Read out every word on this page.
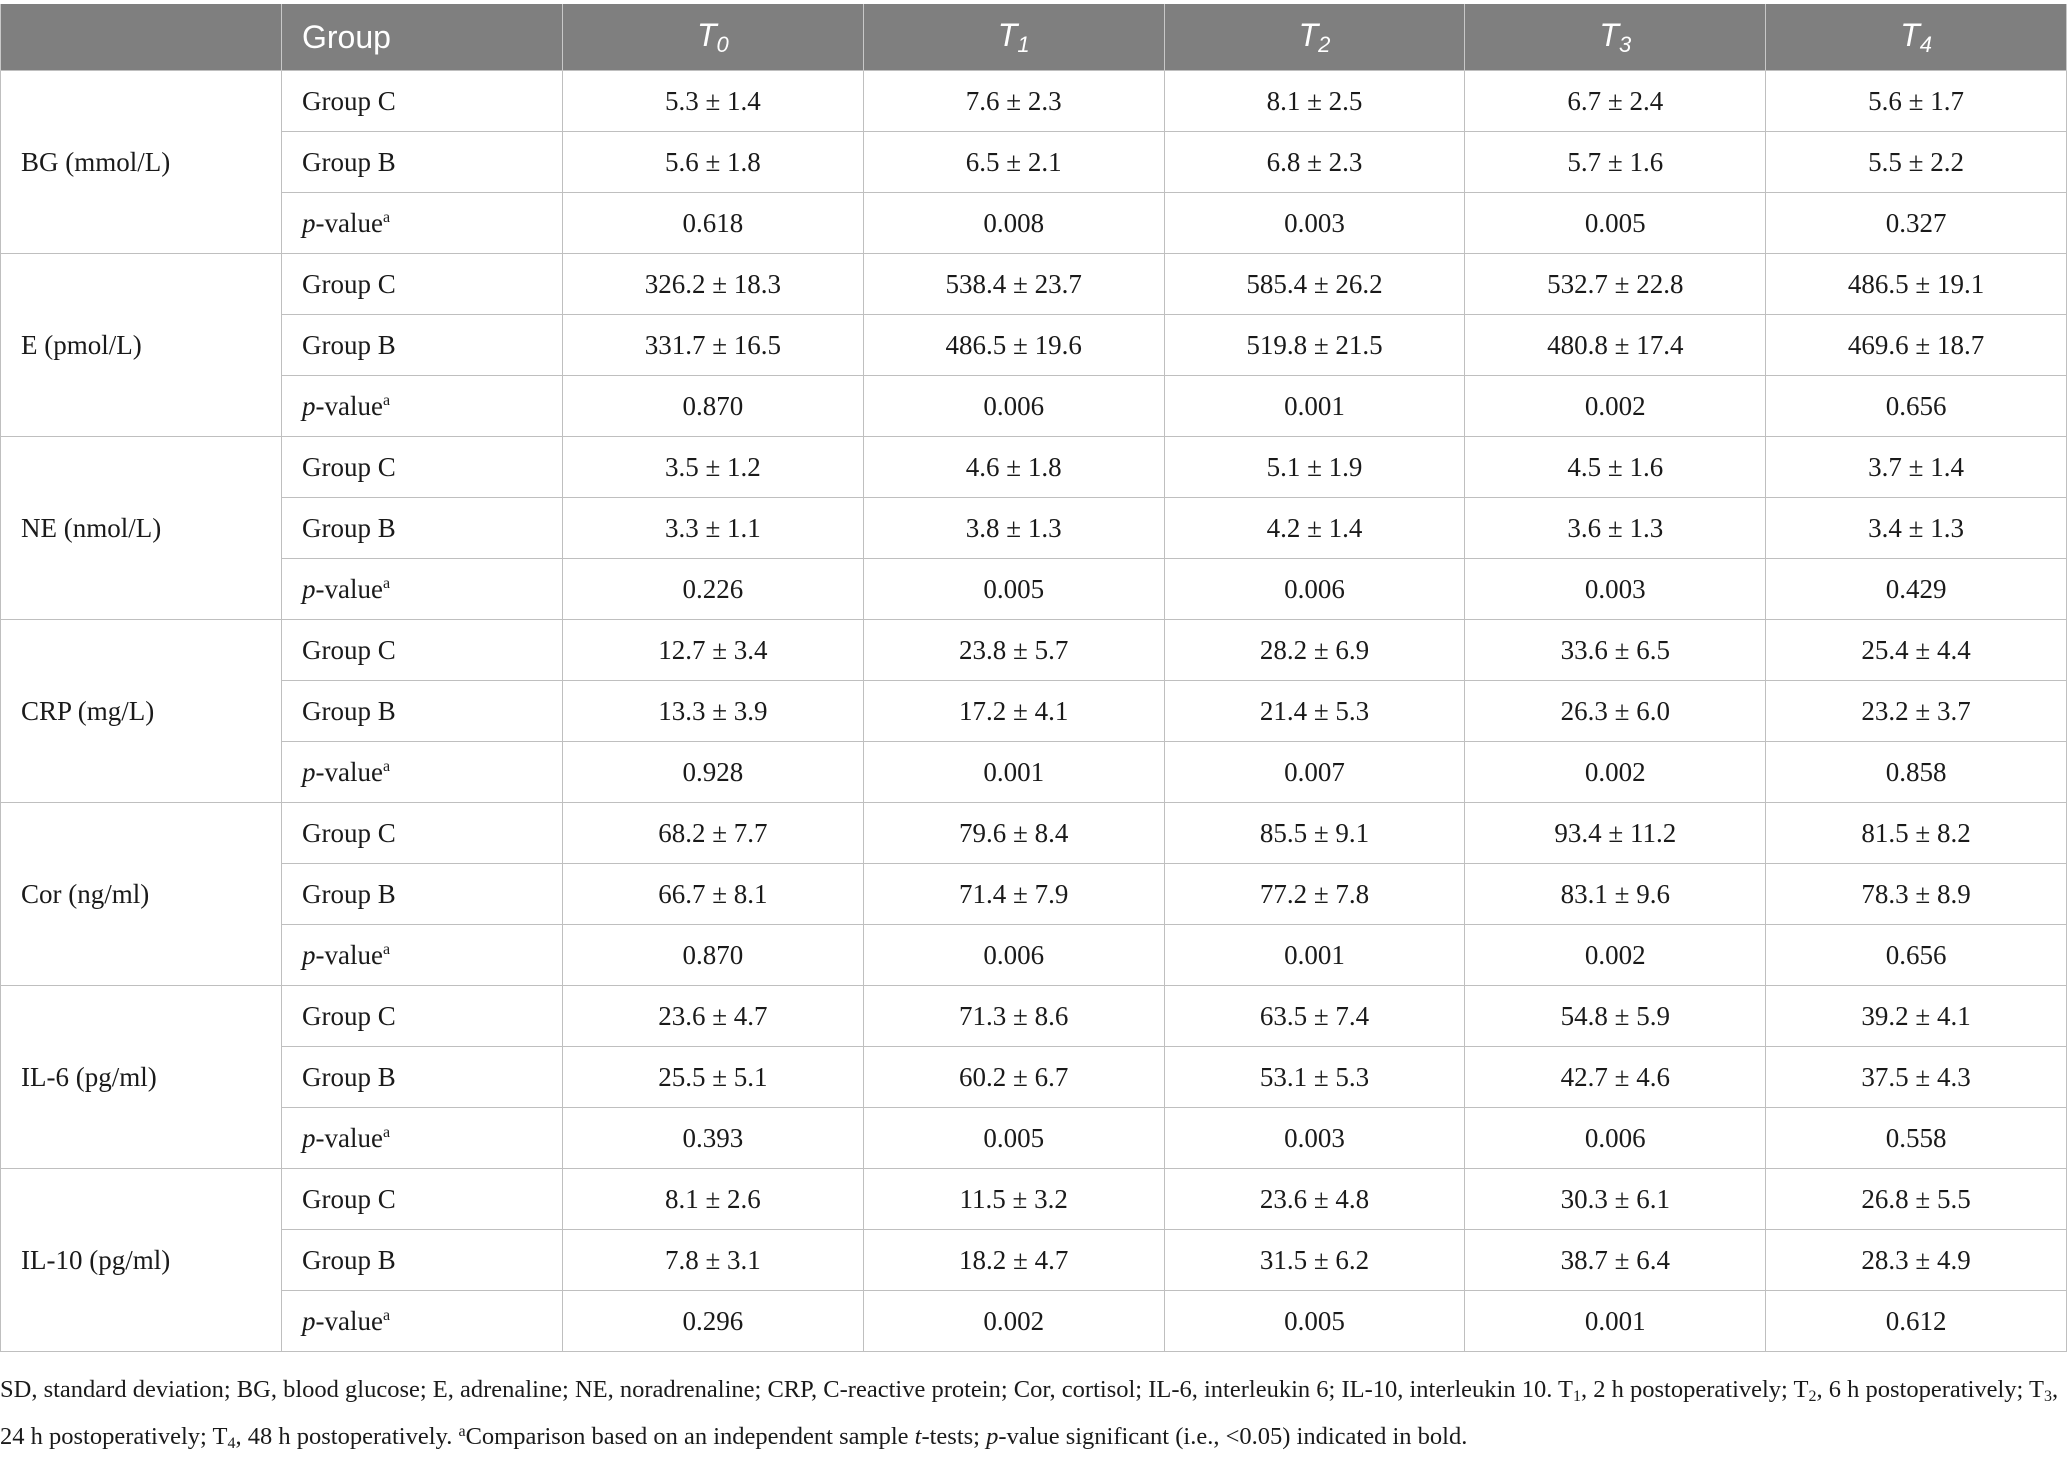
	Group	$T_0$	$T_1$	$T_2$	$T_3$	$T_4$
BG (mmol/L)	Group C	5.3 ± 1.4	7.6 ± 2.3	8.1 ± 2.5	6.7 ± 2.4	5.6 ± 1.7
	Group B	5.6 ± 1.8	6.5 ± 2.1	6.8 ± 2.3	5.7 ± 1.6	5.5 ± 2.2
	p-value$^a$	0.618	0.008	0.003	0.005	0.327
E (pmol/L)	Group C	326.2 ± 18.3	538.4 ± 23.7	585.4 ± 26.2	532.7 ± 22.8	486.5 ± 19.1
	Group B	331.7 ± 16.5	486.5 ± 19.6	519.8 ± 21.5	480.8 ± 17.4	469.6 ± 18.7
	p-value$^a$	0.870	0.006	0.001	0.002	0.656
NE (nmol/L)	Group C	3.5 ± 1.2	4.6 ± 1.8	5.1 ± 1.9	4.5 ± 1.6	3.7 ± 1.4
	Group B	3.3 ± 1.1	3.8 ± 1.3	4.2 ± 1.4	3.6 ± 1.3	3.4 ± 1.3
	p-value$^a$	0.226	0.005	0.006	0.003	0.429
CRP (mg/L)	Group C	12.7 ± 3.4	23.8 ± 5.7	28.2 ± 6.9	33.6 ± 6.5	25.4 ± 4.4
	Group B	13.3 ± 3.9	17.2 ± 4.1	21.4 ± 5.3	26.3 ± 6.0	23.2 ± 3.7
	p-value$^a$	0.928	0.001	0.007	0.002	0.858
Cor (ng/ml)	Group C	68.2 ± 7.7	79.6 ± 8.4	85.5 ± 9.1	93.4 ± 11.2	81.5 ± 8.2
	Group B	66.7 ± 8.1	71.4 ± 7.9	77.2 ± 7.8	83.1 ± 9.6	78.3 ± 8.9
	p-value$^a$	0.870	0.006	0.001	0.002	0.656
IL-6 (pg/ml)	Group C	23.6 ± 4.7	71.3 ± 8.6	63.5 ± 7.4	54.8 ± 5.9	39.2 ± 4.1
	Group B	25.5 ± 5.1	60.2 ± 6.7	53.1 ± 5.3	42.7 ± 4.6	37.5 ± 4.3
	p-value$^a$	0.393	0.005	0.003	0.006	0.558
IL-10 (pg/ml)	Group C	8.1 ± 2.6	11.5 ± 3.2	23.6 ± 4.8	30.3 ± 6.1	26.8 ± 5.5
	Group B	7.8 ± 3.1	18.2 ± 4.7	31.5 ± 6.2	38.7 ± 6.4	28.3 ± 4.9
	p-value$^a$	0.296	0.002	0.005	0.001	0.612
SD, standard deviation; BG, blood glucose; E, adrenaline; NE, noradrenaline; CRP, C-reactive protein; Cor, cortisol; IL-6, interleukin 6; IL-10, interleukin 10. $T_1$, 2 h postoperatively; $T_2$, 6 h postoperatively; $T_3$, 24 h postoperatively; $T_4$, 48 h postoperatively. $^a$Comparison based on an independent sample t-tests; p-value significant (i.e., <0.05) indicated in bold.
